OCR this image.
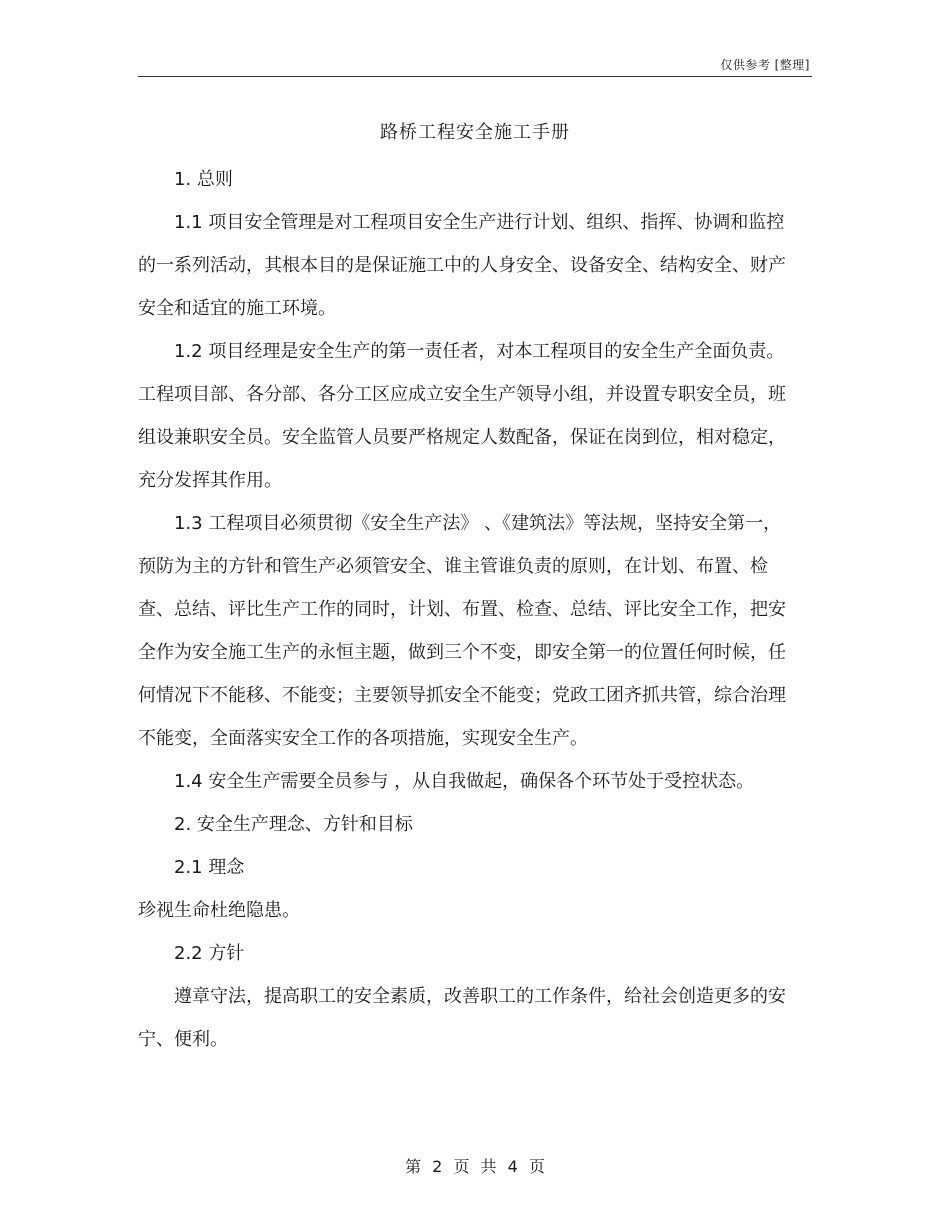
仅供参考 [整理]
路桥工程安全施工手册

1. 总则

1.1 项目安全管理是对工程项目安全生产进行计划、组织、指挥、协调和监控的一系列活动，其根本目的是保证施工中的人身安全、设备安全、结构安全、财产安全和适宜的施工环境。

1.2 项目经理是安全生产的第一责任者，对本工程项目的安全生产全面负责。工程项目部、各分部、各分工区应成立安全生产领导小组，并设置专职安全员，班组设兼职安全员。安全监管人员要严格规定人数配备，保证在岗到位，相对稳定，充分发挥其作用。

1.3 工程项目必须贯彻《安全生产法》 、《建筑法》等法规，坚持安全第一，预防为主的方针和管生产必须管安全、谁主管谁负责的原则，在计划、布置、检查、总结、评比生产工作的同时，计划、布置、检查、总结、评比安全工作，把安全作为安全施工生产的永恒主题，做到三个不变，即安全第一的位置任何时候，任何情况下不能移、不能变；主要领导抓安全不能变；党政工团齐抓共管，综合治理不能变，全面落实安全工作的各项措施，实现安全生产。

1.4 安全生产需要全员参与 ，从自我做起，确保各个环节处于受控状态。

2. 安全生产理念、方针和目标

2.1 理念

珍视生命杜绝隐患。

2.2 方针

遵章守法，提高职工的安全素质，改善职工的工作条件，给社会创造更多的安宁、便利。

第 2 页 共 4 页
